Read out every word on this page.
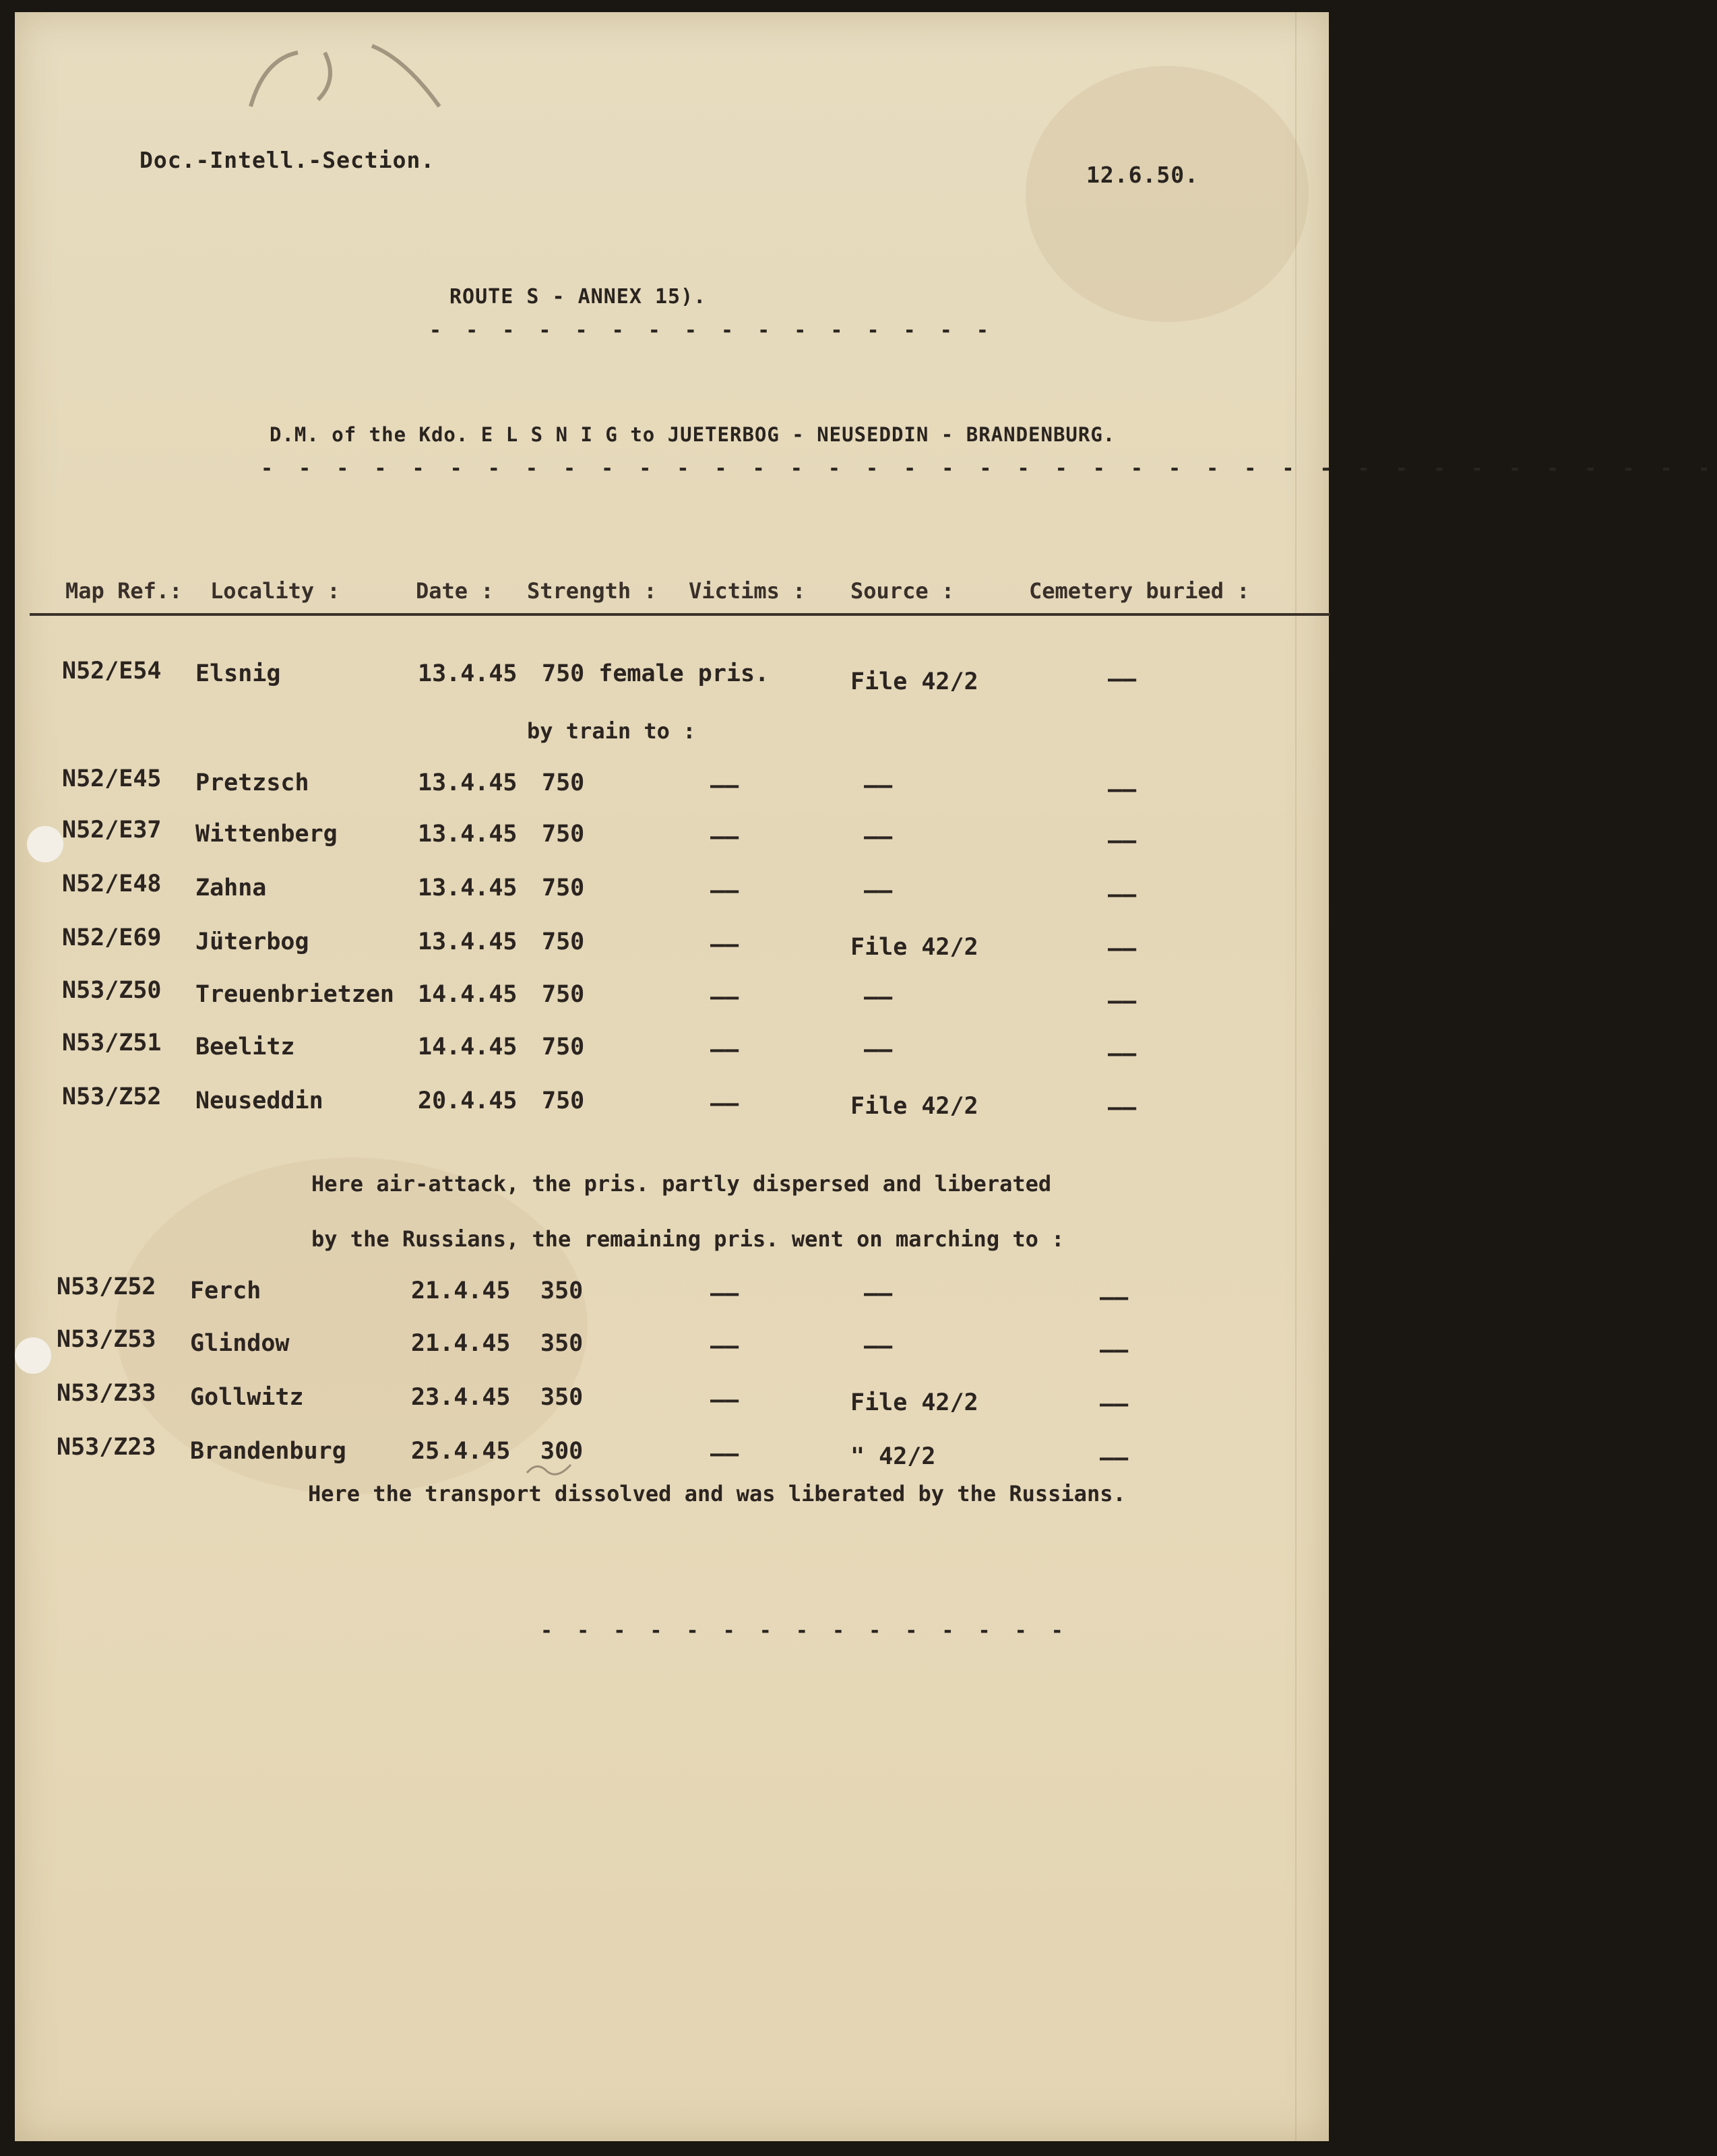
Doc.-Intell.-Section.
12.6.50.
ROUTE S - ANNEX 15).
- - - - - - - - - - - - - - - -
D.M. of the Kdo. E L S N I G to JUETERBOG - NEUSEDDIN - BRANDENBURG.
- - - - - - - - - - - - - - - - - - - - - - - - - - - - - - - - - - - - - - -
Map Ref.: Locality :	Date : Strength : Victims : Source :	Cemetery buried :
N52/E54 Elsnig	13.4.45 750 female pris.	File 42/2	——
by train to :
N52/E45 Pretzsch	13.4.45 750	——	——	——
N52/E37 Wittenberg	13.4.45 750	——	——	——
N52/E48 Zahna	13.4.45 750	——	——	——
N52/E69 Jüterbog	13.4.45 750	——	File 42/2	——
N53/Z50 Treuenbrietzen 14.4.45 750	——	——	——
N53/Z51 Beelitz	14.4.45 750	——	——	——
N53/Z52 Neuseddin	20.4.45 750	——	File 42/2	——
Here air-attack, the pris. partly dispersed and liberated
by the Russians, the remaining pris. went on marching to :
N53/Z52 Ferch	21.4.45 350	——	——	——
N53/Z53 Glindow	21.4.45 350	——	——	——
N53/Z33 Gollwitz	23.4.45 350	——	File 42/2	——
N53/Z23 Brandenburg	25.4.45 300	——	" 42/2	——
Here the transport dissolved and was liberated by the Russians.
- - - - - - - - - - - - - - -
